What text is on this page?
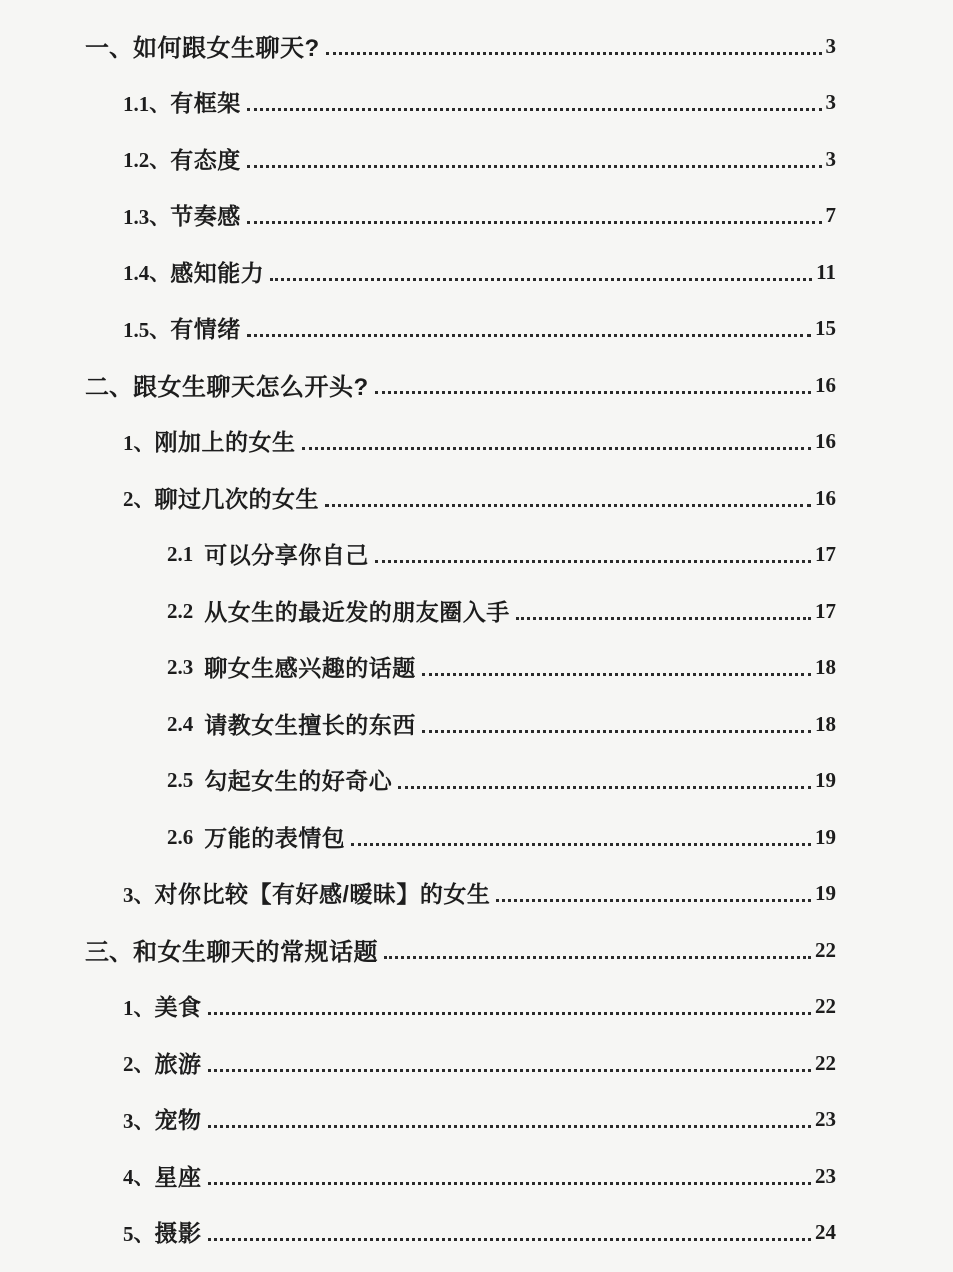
一、 如何跟女生聊天?	3
1.1、 有框架	3
1.2、 有态度	3
1.3、 节奏感	7
1.4、 感知能力	11
1.5、 有情绪	15
二、 跟女生聊天怎么开头?	16
1、 刚加上的女生	16
2、 聊过几次的女生	16
2.1 可以分享你自己	17
2.2 从女生的最近发的朋友圈入手	17
2.3 聊女生感兴趣的话题	18
2.4 请教女生擅长的东西	18
2.5 勾起女生的好奇心	19
2.6 万能的表情包	19
3、 对你比较【有好感/暧昧】的女生	19
三、 和女生聊天的常规话题	22
1、 美食	22
2、 旅游	22
3、 宠物	23
4、 星座	23
5、 摄影	24
